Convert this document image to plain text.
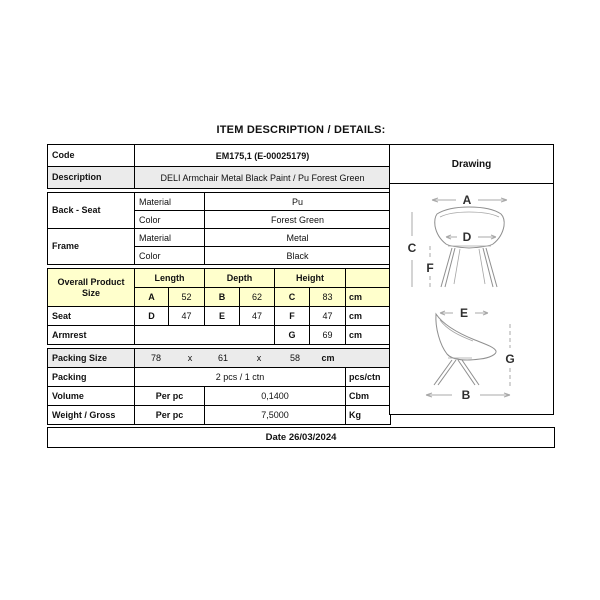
ITEM DESCRIPTION / DETAILS:
Code	EM175,1 (E-00025179)
Description	DELI Armchair Metal Black Paint / Pu Forest Green
Back - Seat	Material	Pu
	Color	Forest Green
Frame	Material	Metal
	Color	Black
Overall Product Size	Length		Depth		Height		
	A	52	B	62	C	83	cm
Seat	D	47	E	47	F	47	cm
Armrest					G	69	cm
Packing Size	78	x	61	x	58	cm

Packing	2 pcs / 1 ctn		pcs/ctn
Volume	Per pc	0,1400	Cbm
Weight / Gross	Per pc	7,5000	Kg
Drawing
A
D
C
F
E
G
B
Date 26/03/2024
